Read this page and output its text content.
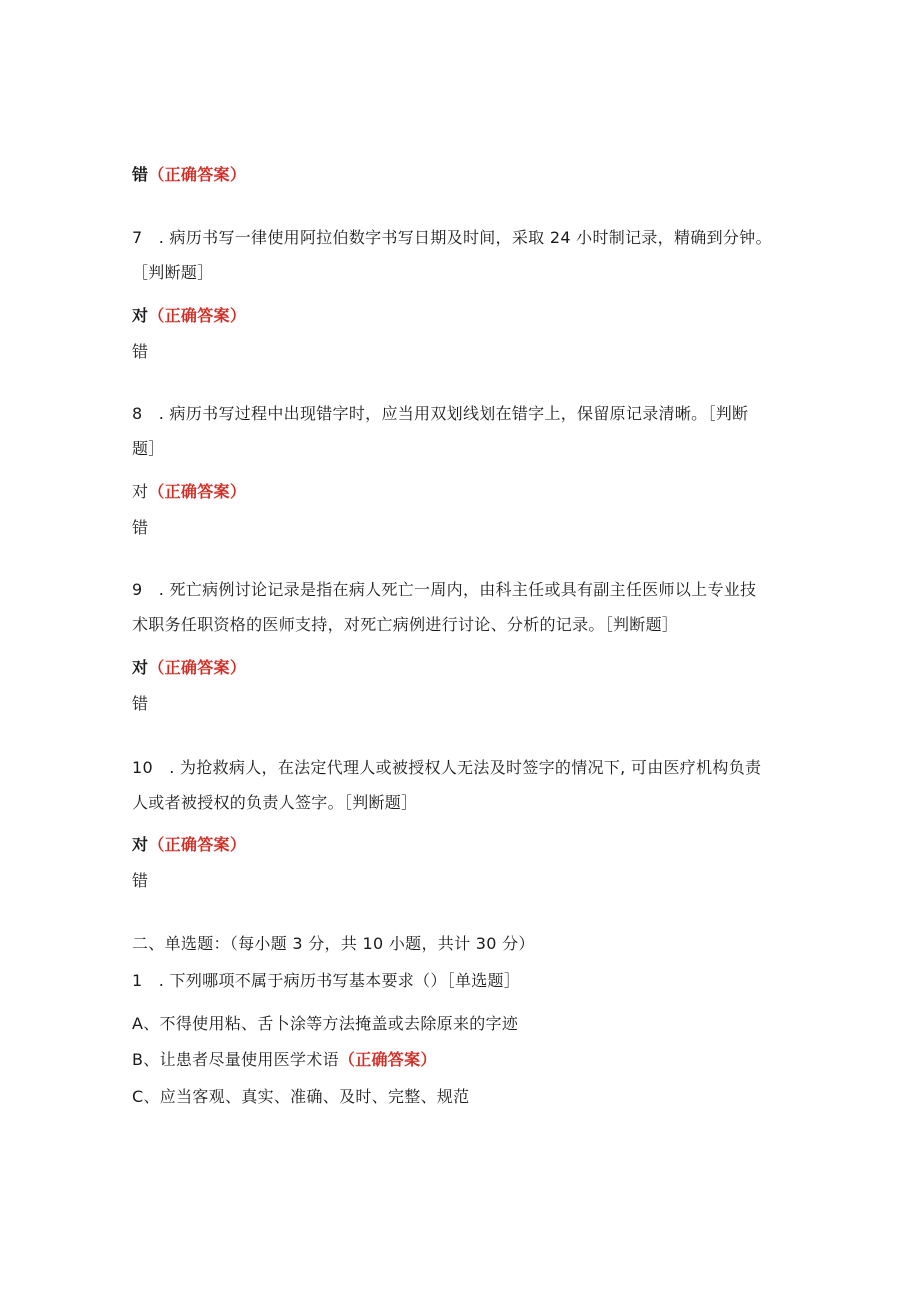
错（正确答案）
7　. 病历书写一律使用阿拉伯数字书写日期及时间，采取 24 小时制记录，精确到分钟。
［判断题］
对（正确答案）
错
8　. 病历书写过程中出现错字时，应当用双划线划在错字上，保留原记录清晰。［判断
题］
对（正确答案）
错
9　. 死亡病例讨论记录是指在病人死亡一周内，由科主任或具有副主任医师以上专业技
术职务任职资格的医师支持，对死亡病例进行讨论、分析的记录。［判断题］
对（正确答案）
错
10　. 为抢救病人，在法定代理人或被授权人无法及时签字的情况下, 可由医疗机构负责
人或者被授权的负责人签字。［判断题］
对（正确答案）
错
二、单选题：（每小题 3 分，共 10 小题，共计 30 分）
1　. 下列哪项不属于病历书写基本要求（）［单选题］
A、不得使用粘、舌卜涂等方法掩盖或去除原来的字迹
B、让患者尽量使用医学术语（正确答案）
C、应当客观、真实、准确、及时、完整、规范
